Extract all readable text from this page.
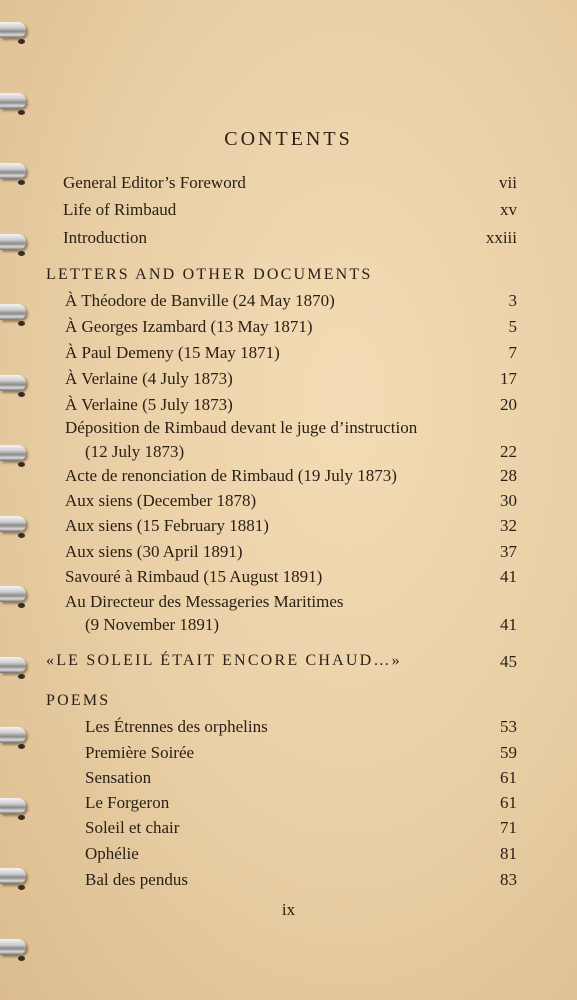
CONTENTS
General Editor’s Foreword	vii
Life of Rimbaud	xv
Introduction	xxiii
LETTERS AND OTHER DOCUMENTS
À Théodore de Banville (24 May 1870)	3
À Georges Izambard (13 May 1871)	5
À Paul Demeny (15 May 1871)	7
À Verlaine (4 July 1873)	17
À Verlaine (5 July 1873)	20
Déposition de Rimbaud devant le juge d’instruction
(12 July 1873)	22
Acte de renonciation de Rimbaud (19 July 1873)	28
Aux siens (December 1878)	30
Aux siens (15 February 1881)	32
Aux siens (30 April 1891)	37
Savouré à Rimbaud (15 August 1891)	41
Au Directeur des Messageries Maritimes
(9 November 1891)	41
«LE SOLEIL ÉTAIT ENCORE CHAUD…»	45
POEMS
Les Étrennes des orphelins	53
Première Soirée	59
Sensation	61
Le Forgeron	61
Soleil et chair	71
Ophélie	81
Bal des pendus	83
ix
